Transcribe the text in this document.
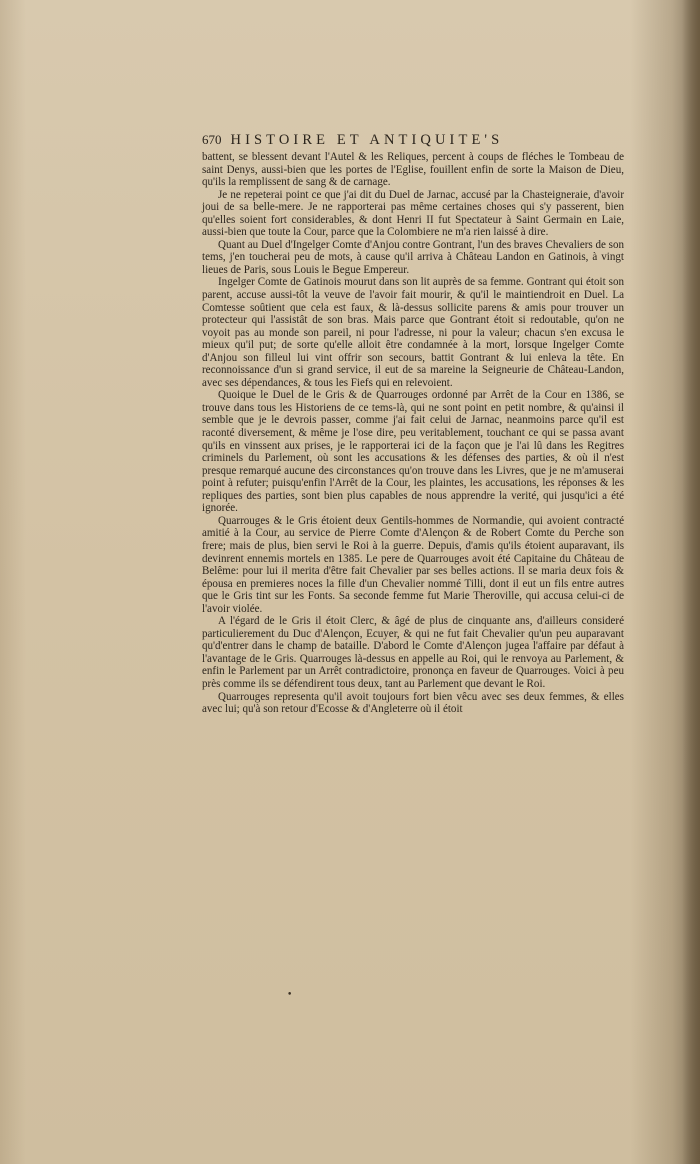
670 HISTOIRE ET ANTIQUITE'S

battent, se blessent devant l'Autel & les Reliques, percent à coups de fléches le Tombeau de saint Denys, aussi-bien que les portes de l'Eglise, fouillent enfin de sorte la Maison de Dieu, qu'ils la remplissent de sang & de carnage.

Je ne repeterai point ce que j'ai dit du Duel de Jarnac, accusé par la Chasteigneraie, d'avoir joui de sa belle-mere. Je ne rapporterai pas même certaines choses qui s'y passerent, bien qu'elles soient fort considerables, & dont Henri II fut Spectateur à Saint Germain en Laie, aussi-bien que toute la Cour, parce que la Colombiere ne m'a rien laissé à dire.

Quant au Duel d'Ingelger Comte d'Anjou contre Gontrant, l'un des braves Chevaliers de son tems, j'en toucherai peu de mots, à cause qu'il arriva à Château Landon en Gatinois, à vingt lieues de Paris, sous Louis le Begue Empereur.

Ingelger Comte de Gatinois mourut dans son lit auprès de sa femme. Gontrant qui étoit son parent, accuse aussi-tôt la veuve de l'avoir fait mourir, & qu'il le maintiendroit en Duel. La Comtesse soûtient que cela est faux, & là-dessus sollicite parens & amis pour trouver un protecteur qui l'assistât de son bras. Mais parce que Gontrant étoit si redoutable, qu'on ne voyoit pas au monde son pareil, ni pour l'adresse, ni pour la valeur; chacun s'en excusa le mieux qu'il put; de sorte qu'elle alloit être condamnée à la mort, lorsque Ingelger Comte d'Anjou son filleul lui vint offrir son secours, battit Gontrant & lui enleva la tête. En reconnoissance d'un si grand service, il eut de sa mareine la Seigneurie de Château-Landon, avec ses dépendances, & tous les Fiefs qui en relevoient.

Quoique le Duel de le Gris & de Quarrouges ordonné par Arrêt de la Cour en 1386, se trouve dans tous les Historiens de ce tems-là, qui ne sont point en petit nombre, & qu'ainsi il semble que je le devrois passer, comme j'ai fait celui de Jarnac, neanmoins parce qu'il est raconté diversement, & même je l'ose dire, peu veritablement, touchant ce qui se passa avant qu'ils en vinssent aux prises, je le rapporterai ici de la façon que je l'ai lû dans les Regitres criminels du Parlement, où sont les accusations & les défenses des parties, & où il n'est presque remarqué aucune des circonstances qu'on trouve dans les Livres, que je ne m'amuserai point à refuter; puisqu'enfin l'Arrêt de la Cour, les plaintes, les accusations, les réponses & les repliques des parties, sont bien plus capables de nous apprendre la verité, qui jusqu'ici a été ignorée.

Quarrouges & le Gris étoient deux Gentils-hommes de Normandie, qui avoient contracté amitié à la Cour, au service de Pierre Comte d'Alençon & de Robert Comte du Perche son frere; mais de plus, bien servi le Roi à la guerre. Depuis, d'amis qu'ils étoient auparavant, ils devinrent ennemis mortels en 1385. Le pere de Quarrouges avoit été Capitaine du Château de Belême: pour lui il merita d'être fait Chevalier par ses belles actions. Il se maria deux fois & épousa en premieres noces la fille d'un Chevalier nommé Tilli, dont il eut un fils entre autres que le Gris tint sur les Fonts. Sa seconde femme fut Marie Theroville, qui accusa celui-ci de l'avoir violée.

A l'égard de le Gris il étoit Clerc, & âgé de plus de cinquante ans, d'ailleurs consideré particulierement du Duc d'Alençon, Ecuyer, & qui ne fut fait Chevalier qu'un peu auparavant qu'd'entrer dans le champ de bataille. D'abord le Comte d'Alençon jugea l'affaire par défaut à l'avantage de le Gris. Quarrouges là-dessus en appelle au Roi, qui le renvoya au Parlement, & enfin le Parlement par un Arrêt contradictoire, prononça en faveur de Quarrouges. Voici à peu près comme ils se défendirent tous deux, tant au Parlement que devant le Roi.

Quarrouges representa qu'il avoit toujours fort bien vêcu avec ses deux femmes, & elles avec lui; qu'à son retour d'Ecosse & d'Angleterre où il étoit

•
